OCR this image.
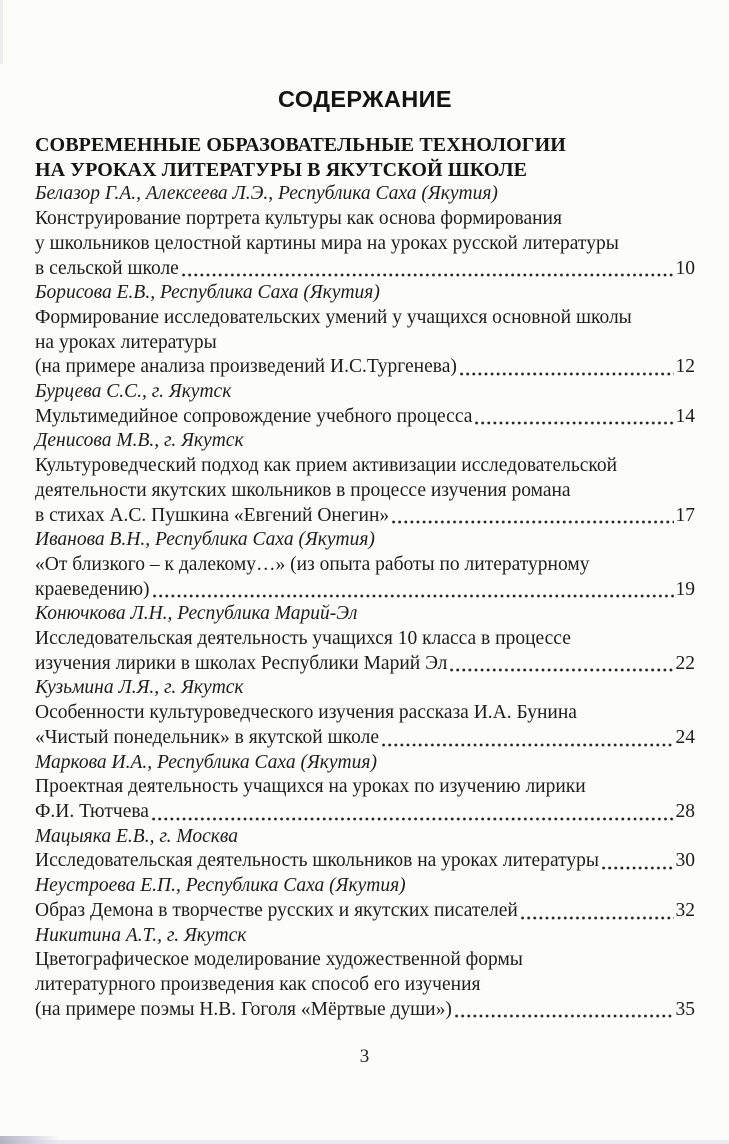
СОДЕРЖАНИЕ
СОВРЕМЕННЫЕ ОБРАЗОВАТЕЛЬНЫЕ ТЕХНОЛОГИИ
НА УРОКАХ ЛИТЕРАТУРЫ В ЯКУТСКОЙ ШКОЛЕ
Белазор Г.А., Алексеева Л.Э., Республика Саха (Якутия)
Конструирование портрета культуры как основа формирования
у школьников целостной картины мира на уроках русской литературы
в сельской школе	10
Борисова Е.В., Республика Саха (Якутия)
Формирование исследовательских умений у учащихся основной школы
на уроках литературы
(на примере анализа произведений И.С.Тургенева)	12
Бурцева С.С., г. Якутск
Мультимедийное сопровождение учебного процесса	14
Денисова М.В., г. Якутск
Культуроведческий подход как прием активизации исследовательской
деятельности якутских школьников в процессе изучения романа
в стихах А.С. Пушкина «Евгений Онегин»	17
Иванова В.Н., Республика Саха (Якутия)
«От близкого – к далекому…» (из опыта работы по литературному
краеведению)	19
Конючкова Л.Н., Республика Марий-Эл
Исследовательская деятельность учащихся 10 класса в процессе
изучения лирики в школах Республики Марий Эл	22
Кузьмина Л.Я., г. Якутск
Особенности культуроведческого изучения рассказа И.А. Бунина
«Чистый понедельник» в якутской школе	24
Маркова И.А., Республика Саха (Якутия)
Проектная деятельность учащихся на уроках по изучению лирики
Ф.И. Тютчева	28
Мацыяка Е.В., г. Москва
Исследовательская деятельность школьников на уроках литературы	30
Неустроева Е.П., Республика Саха (Якутия)
Образ Демона в творчестве русских и якутских писателей	32
Никитина А.Т., г. Якутск
Цветографическое моделирование художественной формы
литературного произведения как способ его изучения
(на примере поэмы Н.В. Гоголя «Мёртвые души»)	35
3
